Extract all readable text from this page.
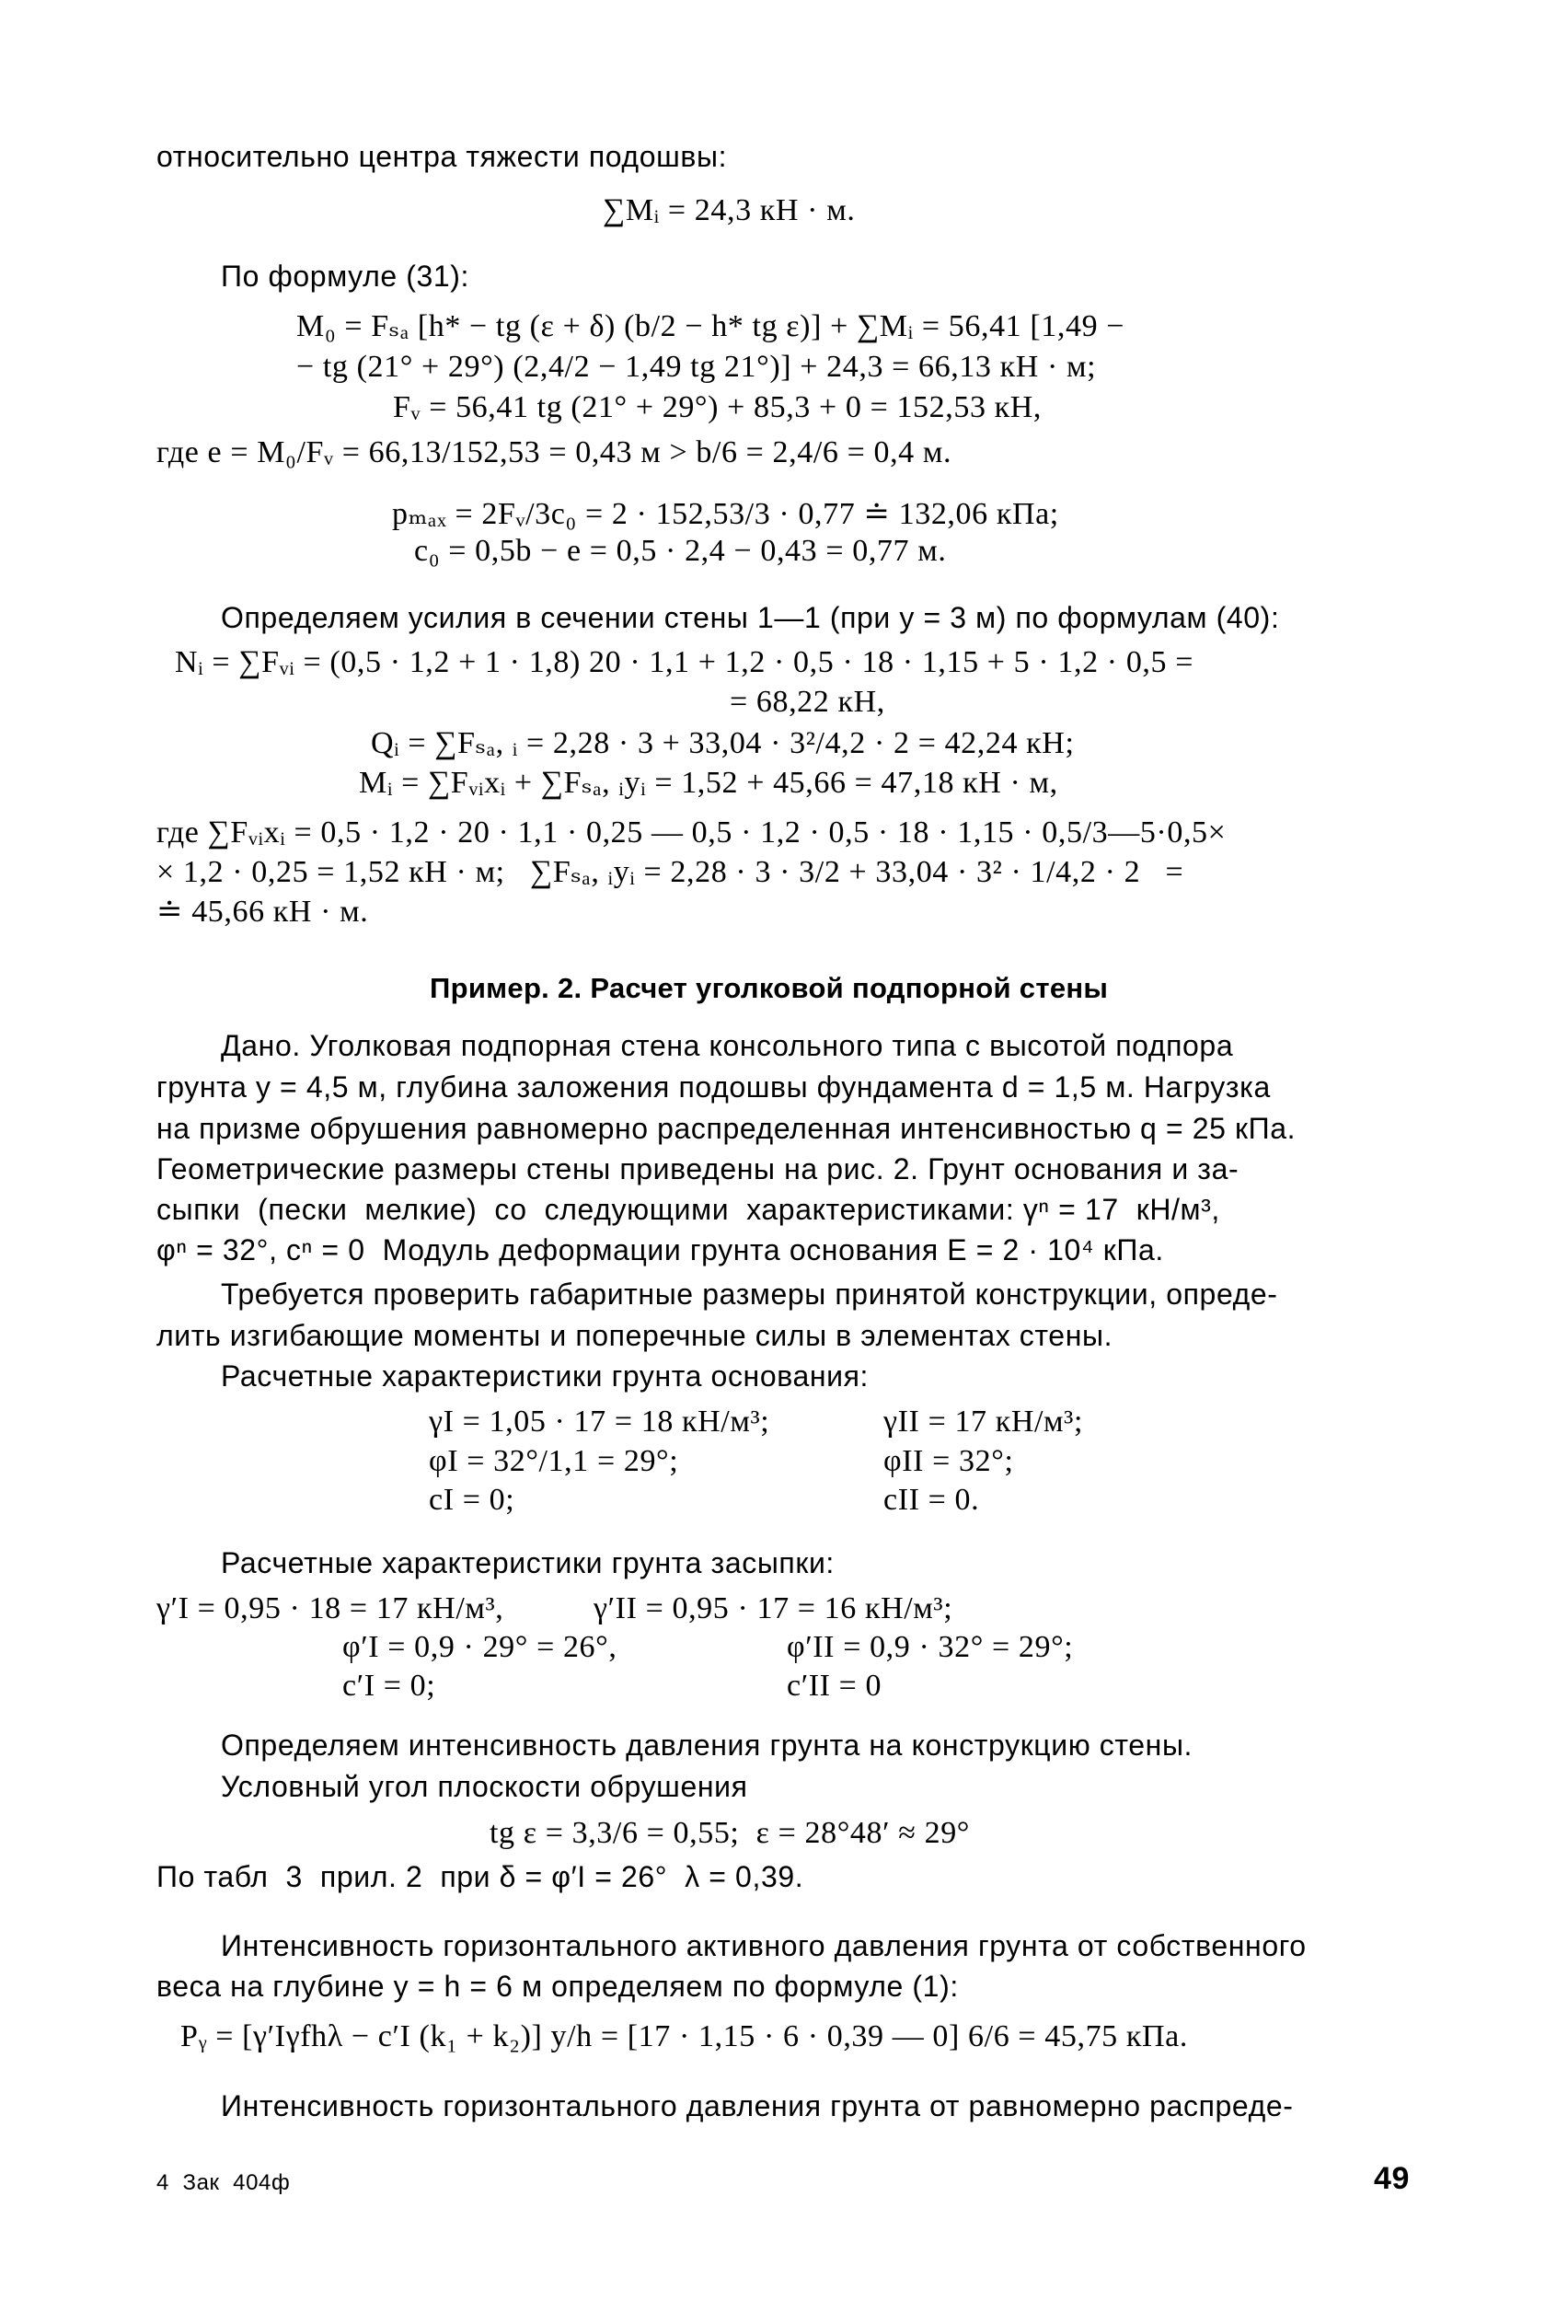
относительно центра тяжести подошвы:
∑Mᵢ = 24,3 кН · м.
По формуле (31):
M₀ = Fₛₐ [h* − tg (ε + δ) (b/2 − h* tg ε)] + ∑Mᵢ = 56,41 [1,49 −
− tg (21° + 29°) (2,4/2 − 1,49 tg 21°)] + 24,3 = 66,13 кН · м;
Fᵥ = 56,41 tg (21° + 29°) + 85,3 + 0 = 152,53 кН,
где e = M₀/Fᵥ = 66,13/152,53 = 0,43 м > b/6 = 2,4/6 = 0,4 м.
pₘₐₓ = 2Fᵥ/3c₀ = 2 · 152,53/3 · 0,77 ≐ 132,06 кПа;
c₀ = 0,5b − e = 0,5 · 2,4 − 0,43 = 0,77 м.
Определяем усилия в сечении стены 1—1 (при y = 3 м) по формулам (40):
Nᵢ = ∑Fᵥᵢ = (0,5 · 1,2 + 1 · 1,8) 20 · 1,1 + 1,2 · 0,5 · 18 · 1,15 + 5 · 1,2 · 0,5 =
= 68,22 кН,
Qᵢ = ∑Fₛₐ, ᵢ = 2,28 · 3 + 33,04 · 3²/4,2 · 2 = 42,24 кН;
Mᵢ = ∑Fᵥᵢxᵢ + ∑Fₛₐ, ᵢyᵢ = 1,52 + 45,66 = 47,18 кН · м,
где ∑Fᵥᵢxᵢ = 0,5 · 1,2 · 20 · 1,1 · 0,25 — 0,5 · 1,2 · 0,5 · 18 · 1,15 · 0,5/3—5·0,5×
× 1,2 · 0,25 = 1,52 кН · м;   ∑Fₛₐ, ᵢyᵢ = 2,28 · 3 · 3/2 + 33,04 · 3² · 1/4,2 · 2   =
≐ 45,66 кН · м.
Пример. 2. Расчет уголковой подпорной стены
Дано. Уголковая подпорная стена консольного типа с высотой подпора
грунта y = 4,5 м, глубина заложения подошвы фундамента d = 1,5 м. Нагрузка
на призме обрушения равномерно распределенная интенсивностью q = 25 кПа.
Геометрические размеры стены приведены на рис. 2. Грунт основания и за-
сыпки  (пески  мелкие)  со  следующими  характеристиками: γⁿ = 17  кН/м³,
φⁿ = 32°, cⁿ = 0  Модуль деформации грунта основания E = 2 · 10⁴ кПа.
Требуется проверить габаритные размеры принятой конструкции, опреде-
лить изгибающие моменты и поперечные силы в элементах стены.
Расчетные характеристики грунта основания:
γI = 1,05 · 17 = 18 кН/м³;	γII = 17 кН/м³;
φI = 32°/1,1 = 29°;	φII = 32°;
cI = 0;	cII = 0.
Расчетные характеристики грунта засыпки:
γ′I = 0,95 · 18 = 17 кН/м³,	γ′II = 0,95 · 17 = 16 кН/м³;
φ′I = 0,9 · 29° = 26°,	φ′II = 0,9 · 32° = 29°;
c′I = 0;	c′II = 0
Определяем интенсивность давления грунта на конструкцию стены.
Условный угол плоскости обрушения
tg ε = 3,3/6 = 0,55;  ε = 28°48′ ≈ 29°
По табл  3  прил. 2  при δ = φ′I = 26°  λ = 0,39.
Интенсивность горизонтального активного давления грунта от собственного
веса на глубине y = h = 6 м определяем по формуле (1):
Pᵧ = [γ′Iγfhλ − c′I (k₁ + k₂)] y/h = [17 · 1,15 · 6 · 0,39 — 0] 6/6 = 45,75 кПа.
Интенсивность горизонтального давления грунта от равномерно распреде-
4  Зак  404ф	49
